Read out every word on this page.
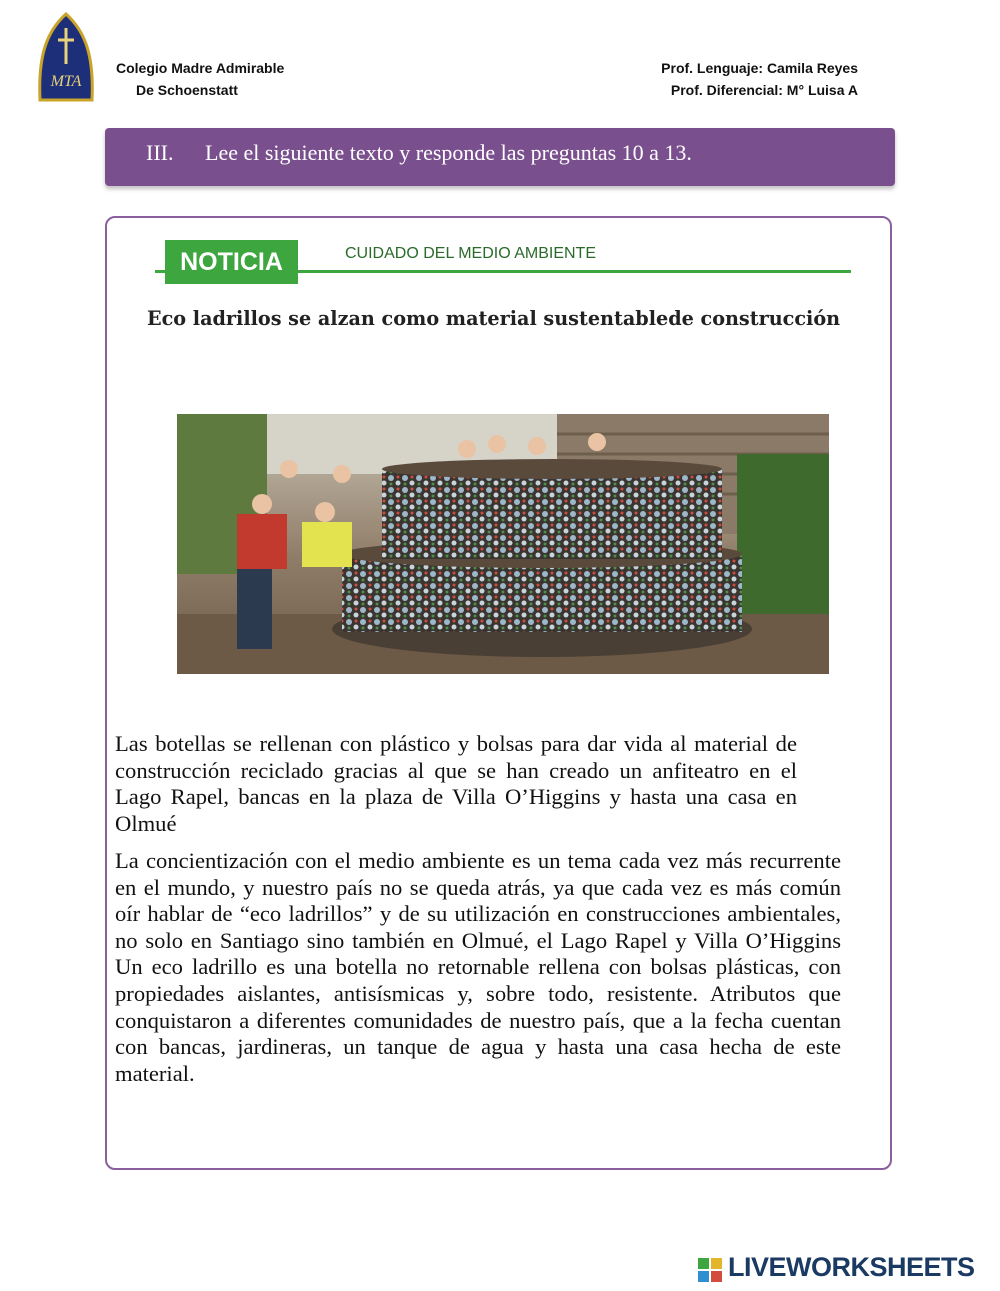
MTA
Colegio Madre Admirable
De Schoenstatt
Prof. Lenguaje: Camila Reyes
Prof. Diferencial: M° Luisa A
III. Lee el siguiente texto y responde las preguntas 10 a 13.
NOTICIA	CUIDADO DEL MEDIO AMBIENTE
Eco ladrillos se alzan como material sustentablede construcción
Las botellas se rellenan con plástico y bolsas para dar vida al material de construcción reciclado gracias al que se han creado un anfiteatro en el Lago Rapel, bancas en la plaza de Villa O’Higgins y hasta una casa en Olmué
La concientización con el medio ambiente es un tema cada vez más recurrente en el mundo, y nuestro país no se queda atrás, ya que cada vez es más común oír hablar de “eco ladrillos” y de su utilización en construcciones ambientales, no solo en Santiago sino también en Olmué, el Lago Rapel y Villa O’Higgins Un eco ladrillo es una botella no retornable rellena con bolsas plásticas, con propiedades aislantes, antisísmicas y, sobre todo, resistente. Atributos que conquistaron a diferentes comunidades de nuestro país, que a la fecha cuentan con bancas, jardineras, un tanque de agua y hasta una casa hecha de este material.
LIVEWORKSHEETS
